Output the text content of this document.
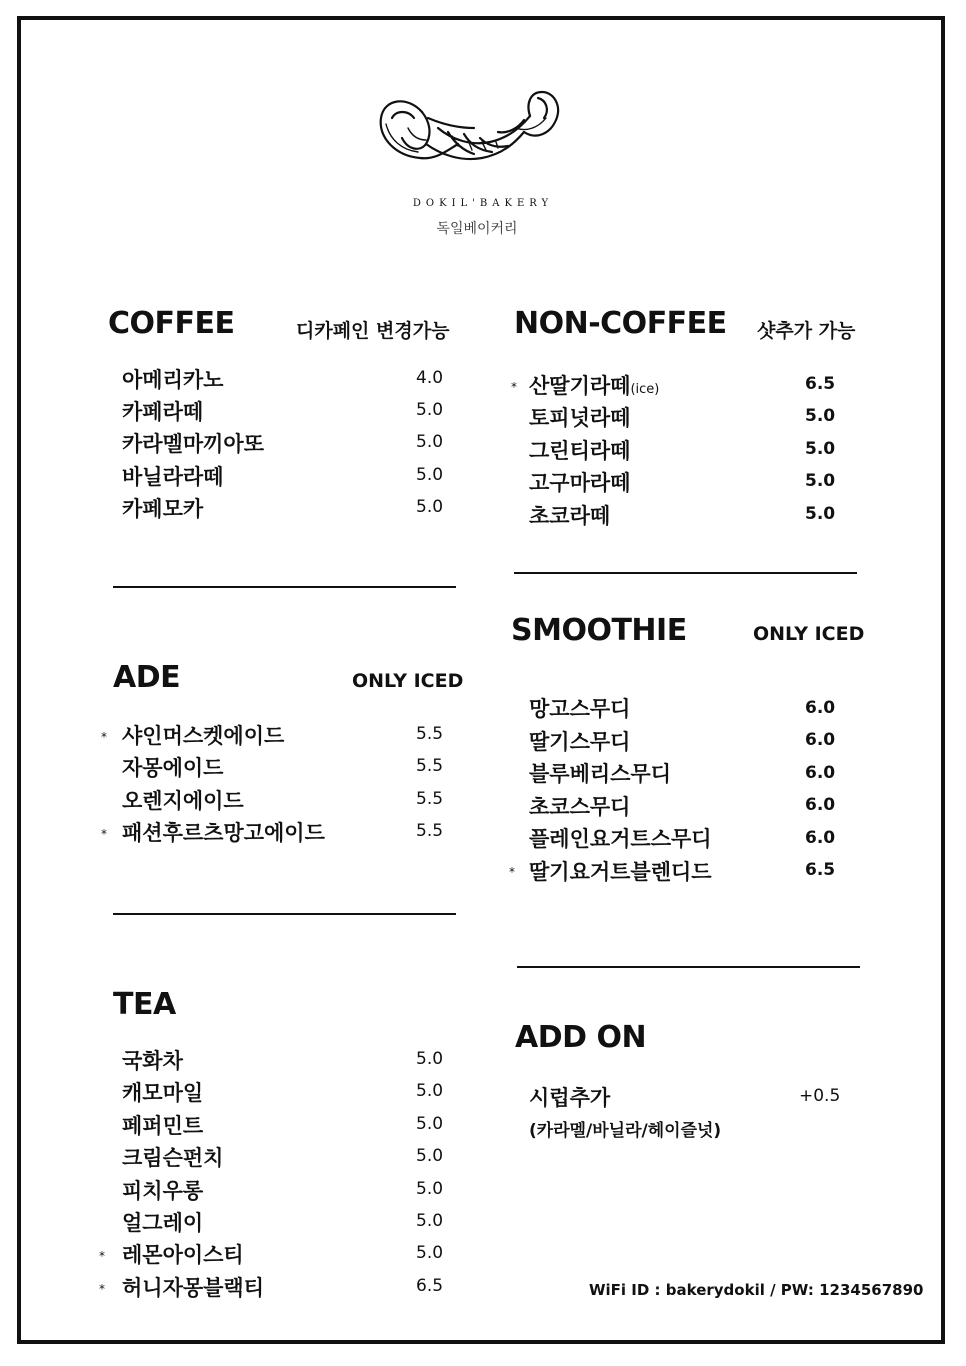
DOKIL'BAKERY
독일베이커리
COFFEE	디카페인 변경가능
아메리카노	4.0
카페라떼	5.0
카라멜마끼아또	5.0
바닐라라떼	5.0
카페모카	5.0
ADE	ONLY ICED
* 샤인머스켓에이드	5.5
자몽에이드	5.5
오렌지에이드	5.5
* 패션후르츠망고에이드	5.5
TEA
국화차	5.0
캐모마일	5.0
페퍼민트	5.0
크림슨펀치	5.0
피치우롱	5.0
얼그레이	5.0
* 레몬아이스티	5.0
* 허니자몽블랙티	6.5
NON-COFFEE 샷추가 가능
* 산딸기라떼(ice)	6.5
토피넛라떼	5.0
그린티라떼	5.0
고구마라떼	5.0
초코라떼	5.0
SMOOTHIE	ONLY ICED
망고스무디	6.0
딸기스무디	6.0
블루베리스무디	6.0
초코스무디	6.0
플레인요거트스무디	6.0
* 딸기요거트블렌디드	6.5
ADD ON
시럽추가	+0.5
(카라멜/바닐라/헤이즐넛)
WiFi ID : bakerydokil / PW: 1234567890
